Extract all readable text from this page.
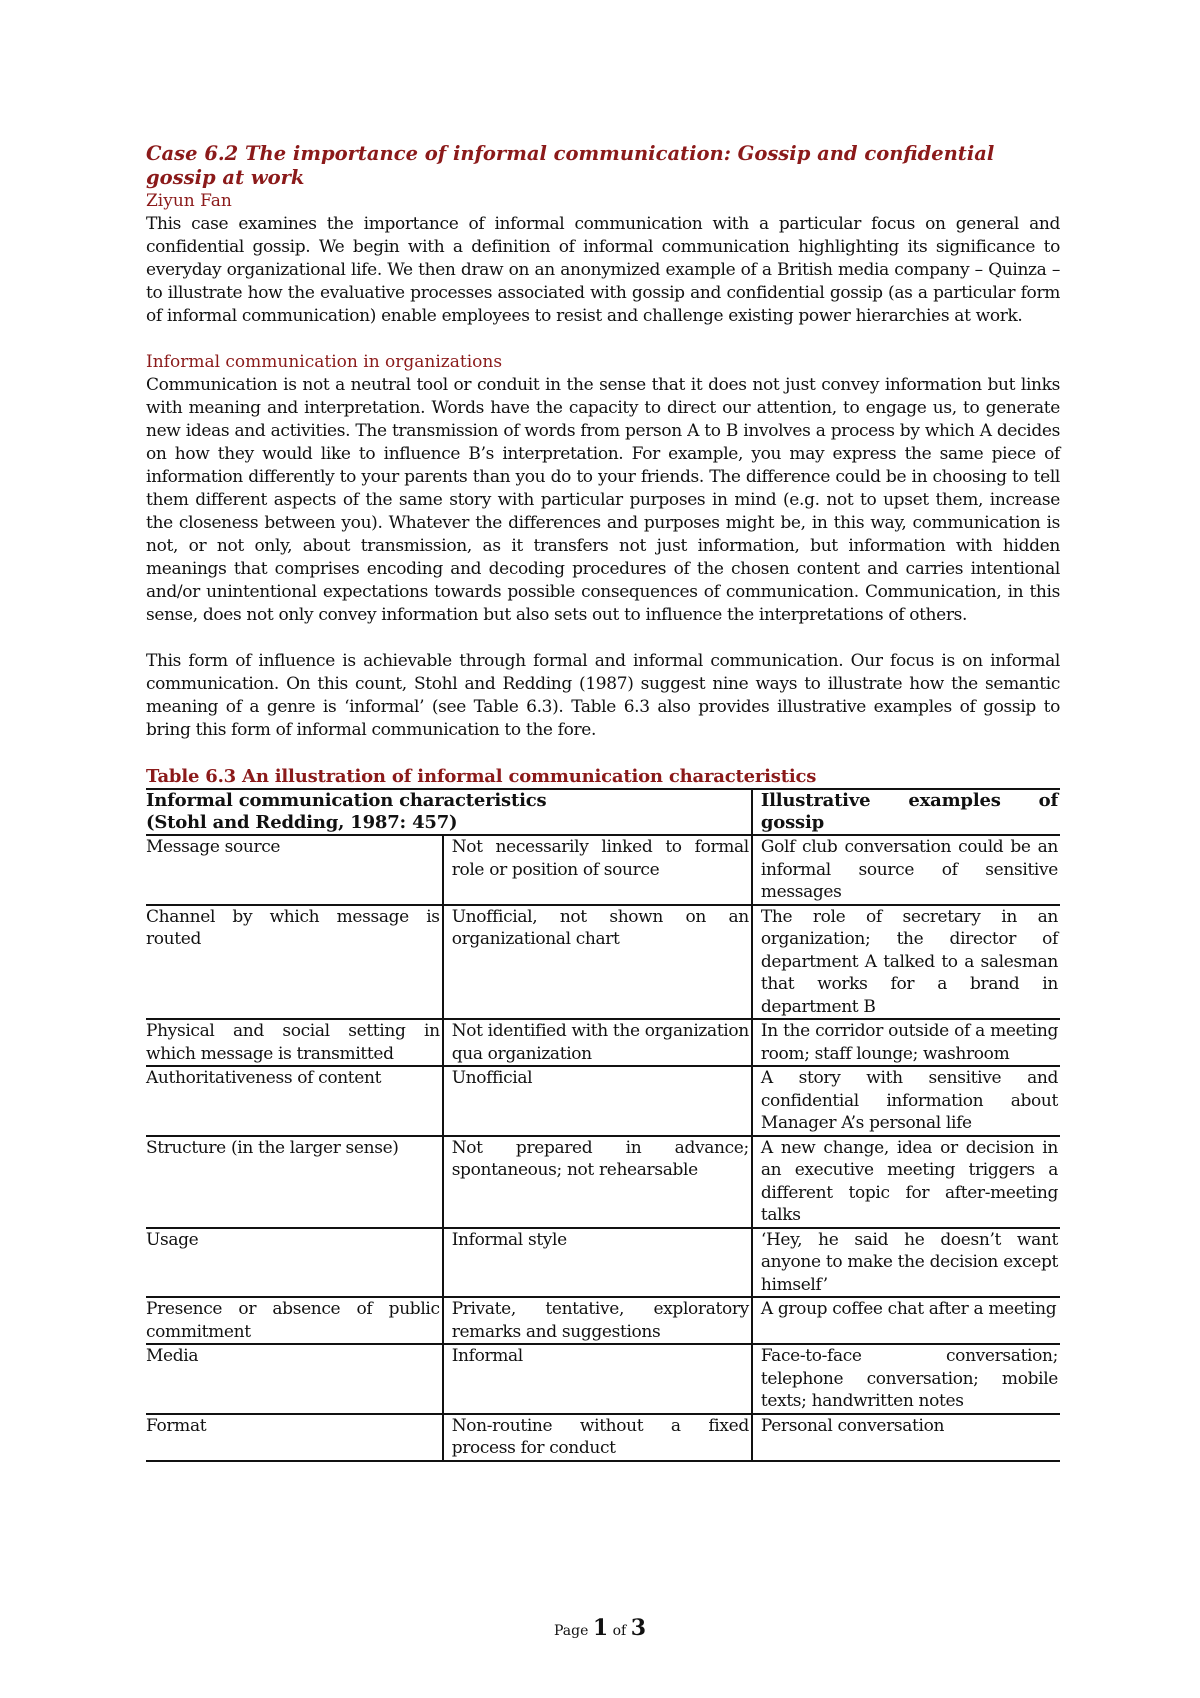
Case 6.2 The importance of informal communication: Gossip and confidential gossip at work

Ziyun Fan

This case examines the importance of informal communication with a particular focus on general and confidential gossip. We begin with a definition of informal communication highlighting its significance to everyday organizational life. We then draw on an anonymized example of a British media company – Quinza – to illustrate how the evaluative processes associated with gossip and confidential gossip (as a particular form of informal communication) enable employees to resist and challenge existing power hierarchies at work.

Informal communication in organizations

Communication is not a neutral tool or conduit in the sense that it does not just convey information but links with meaning and interpretation. Words have the capacity to direct our attention, to engage us, to generate new ideas and activities. The transmission of words from person A to B involves a process by which A decides on how they would like to influence B’s interpretation. For example, you may express the same piece of information differently to your parents than you do to your friends. The difference could be in choosing to tell them different aspects of the same story with particular purposes in mind (e.g. not to upset them, increase the closeness between you). Whatever the differences and purposes might be, in this way, communication is not, or not only, about transmission, as it transfers not just information, but information with hidden meanings that comprises encoding and decoding procedures of the chosen content and carries intentional and/or unintentional expectations towards possible consequences of communication. Communication, in this sense, does not only convey information but also sets out to influence the interpretations of others.

This form of influence is achievable through formal and informal communication. Our focus is on informal communication. On this count, Stohl and Redding (1987) suggest nine ways to illustrate how the semantic meaning of a genre is ‘informal’ (see Table 6.3). Table 6.3 also provides illustrative examples of gossip to bring this form of informal communication to the fore.

Table 6.3 An illustration of informal communication characteristics

Informal communication characteristics
(Stohl and Redding, 1987: 457)		Illustrative examples of gossip
Message source	Not necessarily linked to formal role or position of source	Golf club conversation could be an informal source of sensitive messages
Channel by which message is routed	Unofficial, not shown on an organizational chart	The role of secretary in an organization; the director of department A talked to a salesman that works for a brand in department B
Physical and social setting in which message is transmitted	Not identified with the organization qua organization	In the corridor outside of a meeting room; staff lounge; washroom
Authoritativeness of content	Unofficial	A story with sensitive and confidential information about Manager A’s personal life
Structure (in the larger sense)	Not prepared in advance; spontaneous; not rehearsable	A new change, idea or decision in an executive meeting triggers a different topic for after-meeting talks
Usage	Informal style	‘Hey, he said he doesn’t want anyone to make the decision except himself’
Presence or absence of public commitment	Private, tentative, exploratory remarks and suggestions	A group coffee chat after a meeting
Media	Informal	Face-to-face conversation; telephone conversation; mobile texts; handwritten notes
Format	Non-routine without a fixed process for conduct	Personal conversation
Page 1 of 3
